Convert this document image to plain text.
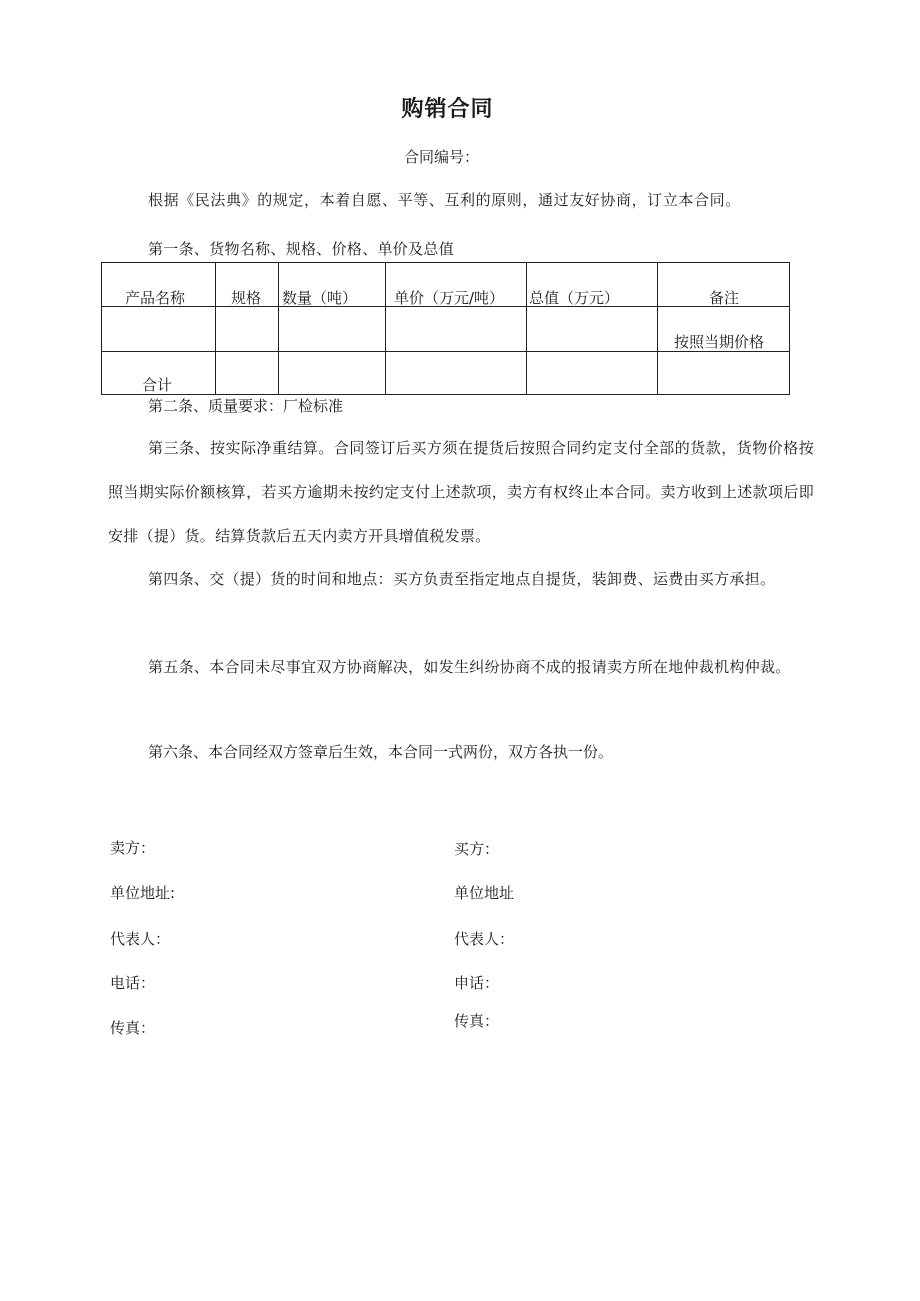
购销合同
合同编号：
根据《民法典》的规定，本着自愿、平等、互利的原则，通过友好协商，订立本合同。
第一条、货物名称、规格、价格、单价及总值
产品名称	规格 数量（吨） 单价（万元/吨） 总值（万元）	备注
按照当期价格
合计
第二条、质量要求：厂检标准
第三条、按实际净重结算。合同签订后买方须在提货后按照合同约定支付全部的货款，货物价格按照当期实际价额核算，若买方逾期未按约定支付上述款项，卖方有权终止本合同。卖方收到上述款项后即安排（提）货。结算货款后五天内卖方开具增值税发票。
第四条、交（提）货的时间和地点：买方负责至指定地点自提货，装卸费、运费由买方承担。
第五条、本合同未尽事宜双方协商解决，如发生纠纷协商不成的报请卖方所在地仲裁机构仲裁。
第六条、本合同经双方签章后生效，本合同一式两份，双方各执一份。
卖方：
单位地址:
代表人：
电话：
传真：
买方：
单位地址
代表人：
申话：
传真：
